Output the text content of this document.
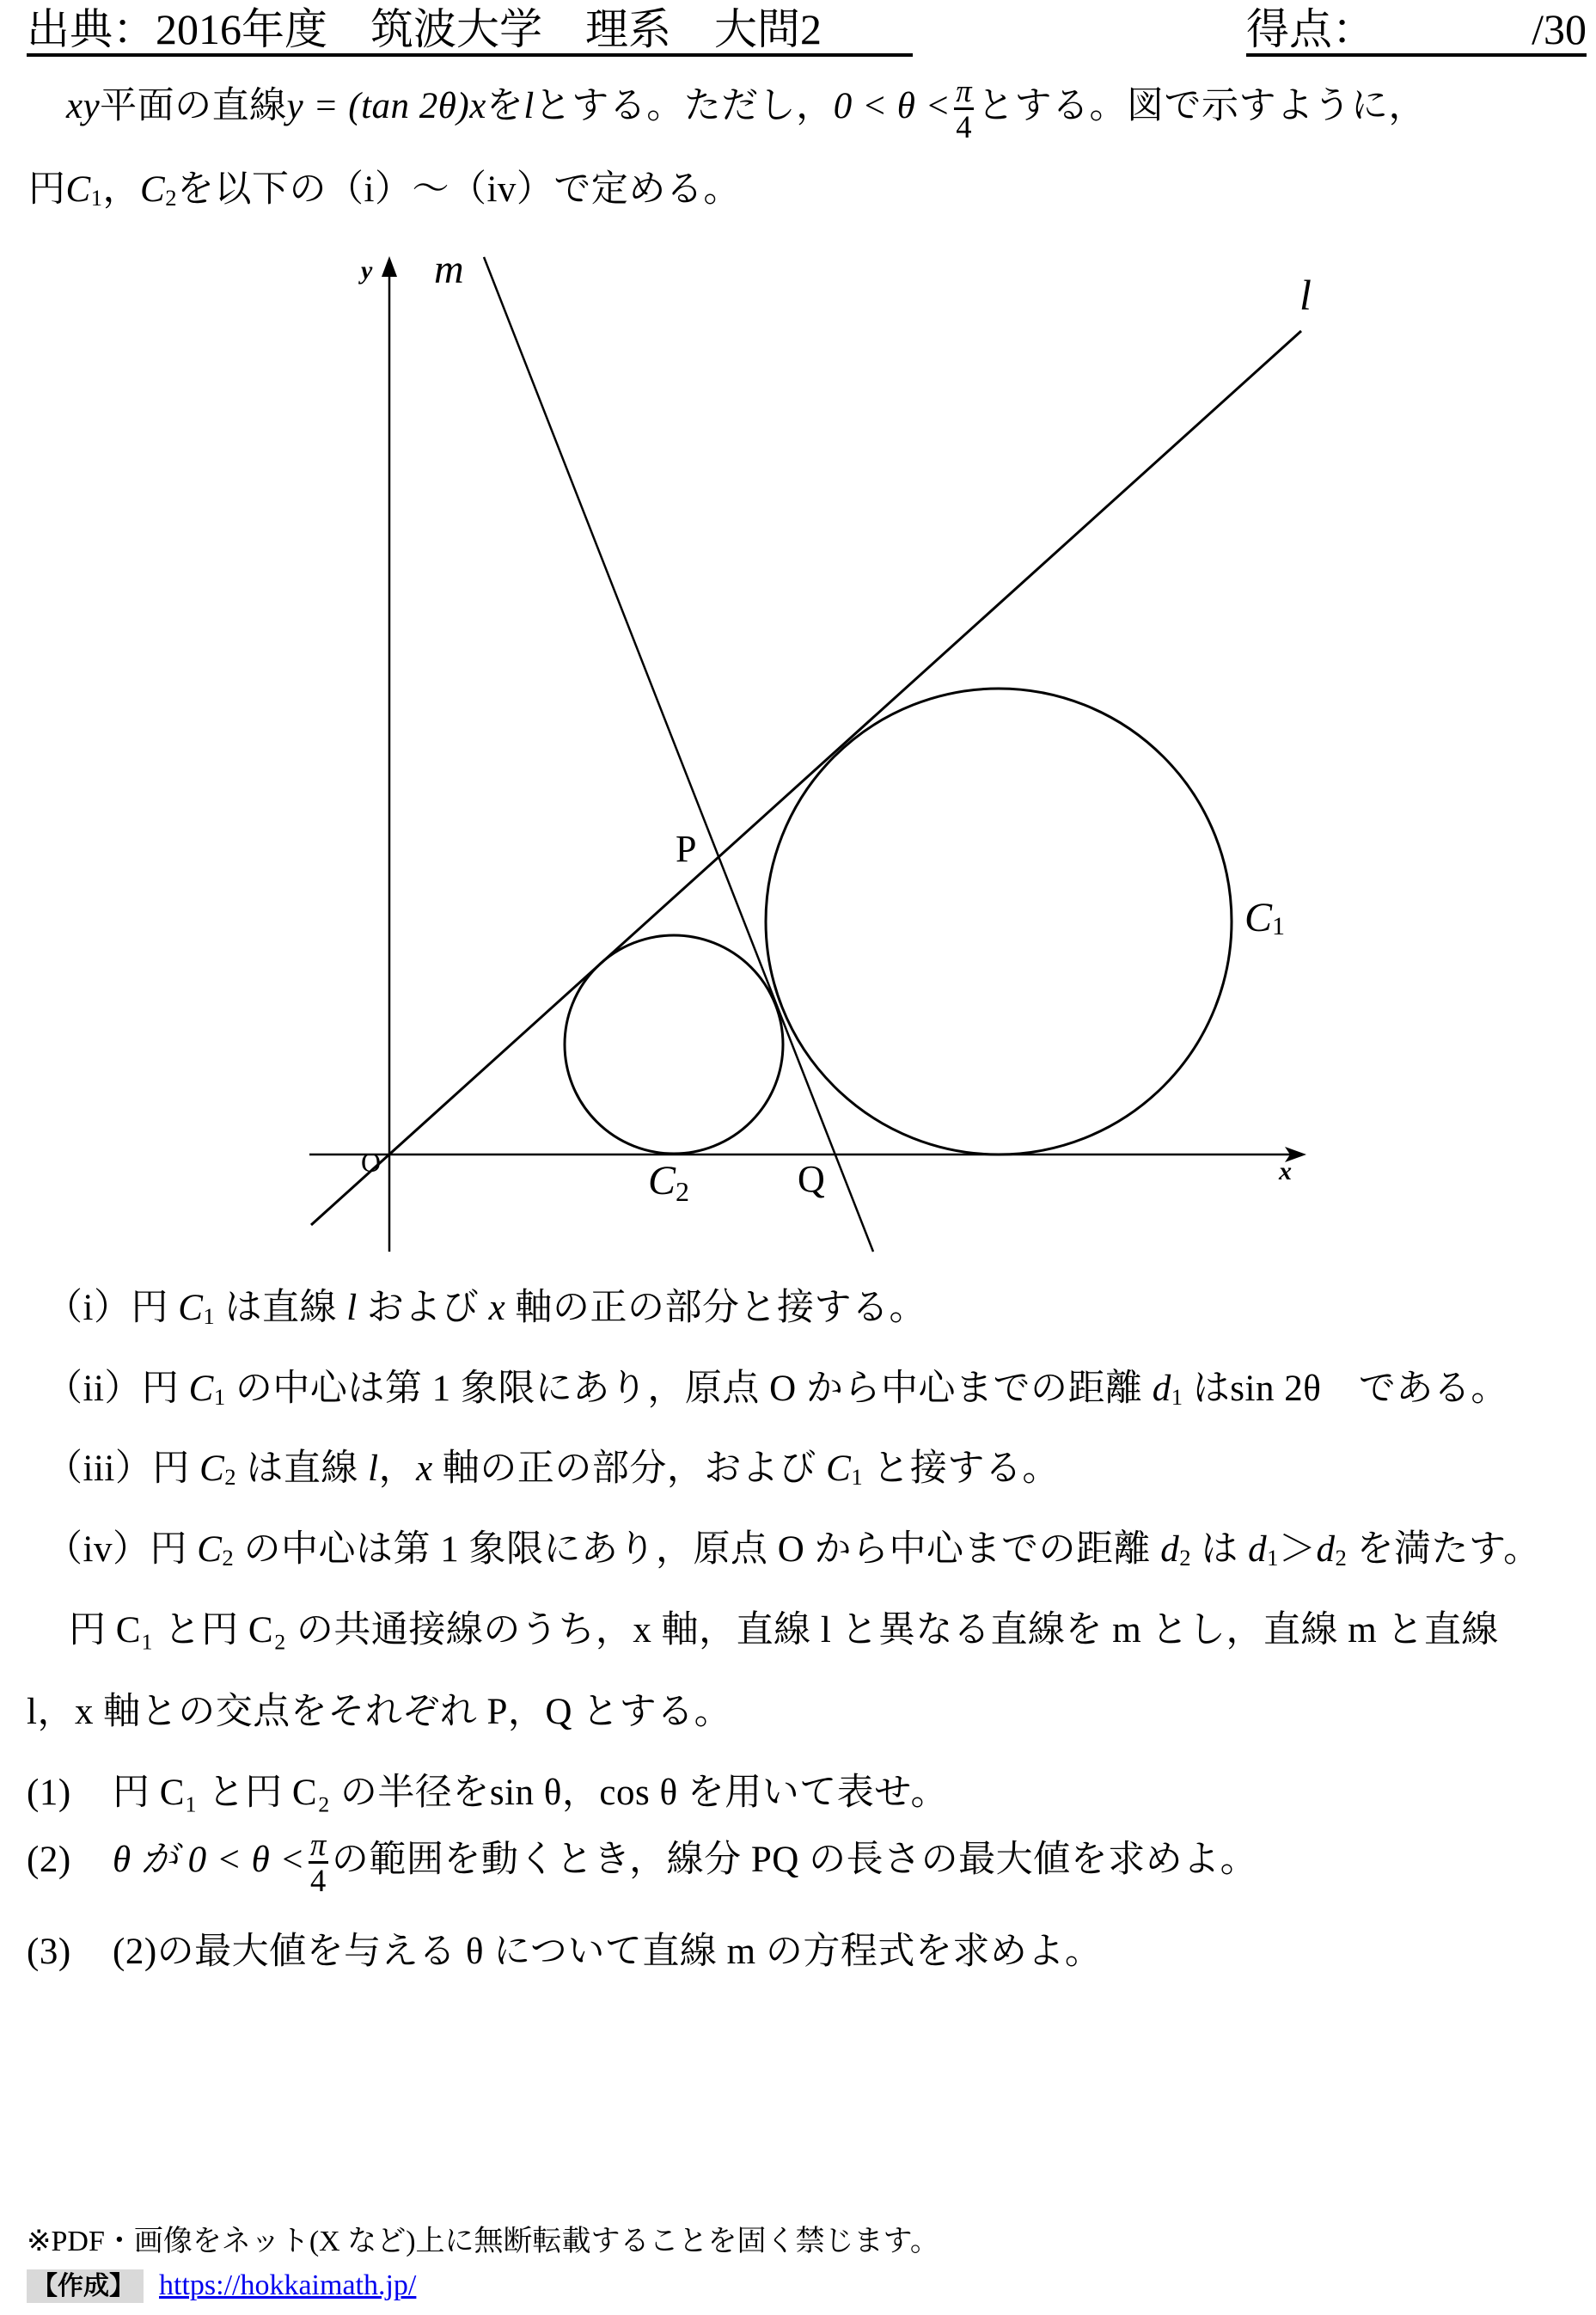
出典：2016年度　筑波大学　理系　大問2	得点：	/30
xy平面の直線y = (tan 2θ)xをlとする。ただし，$0 < \theta < \frac{\pi}{4}$ とする。図で示すように，
円C1，C2を以下の（i）～（iv）で定める。
y
x
O
m
l
P
Q
C1
$C_2$
（i）円 C1 は直線 l および x 軸の正の部分と接する。
（ii）円 C1 の中心は第 1 象限にあり，原点 O から中心までの距離 d1 はsin 2θ　である。
（iii）円 C2 は直線 l，x 軸の正の部分，および C1 と接する。
（iv）円 C2 の中心は第 1 象限にあり，原点 O から中心までの距離 d2 は d1＞d2 を満たす。
円 C₁ と円 C₂ の共通接線のうち，x 軸，直線 l と異なる直線を m とし，直線 m と直線
l，x 軸との交点をそれぞれ P，Q とする。
(1) 円 C₁ と円 C₂ の半径をsin θ，cos θ を用いて表せ。
(2) θ が $0 < \theta < \frac{\pi}{4}$ の範囲を動くとき，線分 PQ の長さの最大値を求めよ。
(3) (2)の最大値を与える θ について直線 m の方程式を求めよ。
※PDF・画像をネット(X など)上に無断転載することを固く禁じます。
【作成】 https://hokkaimath.jp/
